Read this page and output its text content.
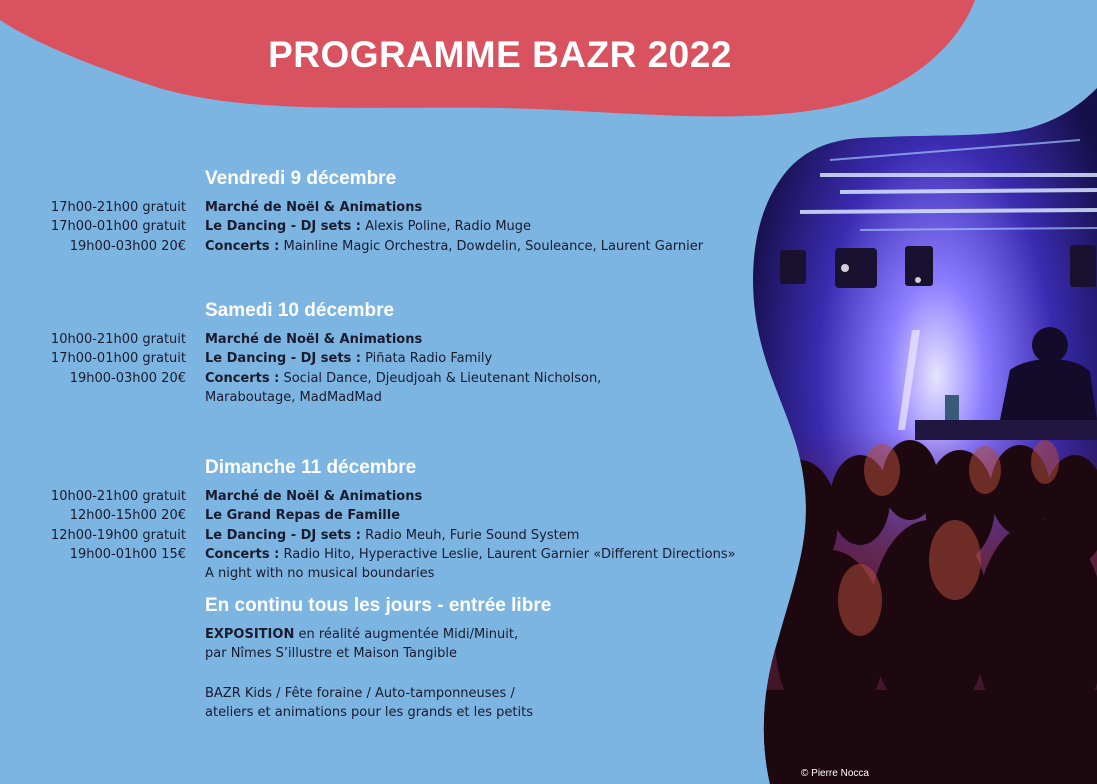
PROGRAMME BAZR 2022
Vendredi 9 décembre
17h00-21h00 gratuit
17h00-01h00 gratuit
19h00-03h00 20€
Marché de Noël & Animations
Le Dancing - DJ sets : Alexis Poline, Radio Muge
Concerts : Mainline Magic Orchestra, Dowdelin, Souleance, Laurent Garnier
Samedi 10 décembre
10h00-21h00 gratuit
17h00-01h00 gratuit
19h00-03h00 20€
Marché de Noël & Animations
Le Dancing - DJ sets : Piñata Radio Family
Concerts : Social Dance, Djeudjoah & Lieutenant Nicholson,
Maraboutage, MadMadMad
Dimanche 11 décembre
10h00-21h00 gratuit
12h00-15h00 20€
12h00-19h00 gratuit
19h00-01h00 15€
Marché de Noël & Animations
Le Grand Repas de Famille
Le Dancing - DJ sets : Radio Meuh, Furie Sound System
Concerts : Radio Hito, Hyperactive Leslie, Laurent Garnier «Different Directions»
A night with no musical boundaries
En continu tous les jours - entrée libre
EXPOSITION en réalité augmentée Midi/Minuit,
par Nîmes S’illustre et Maison Tangible
BAZR Kids / Fête foraine / Auto-tamponneuses /
ateliers et animations pour les grands et les petits
© Pierre Nocca
